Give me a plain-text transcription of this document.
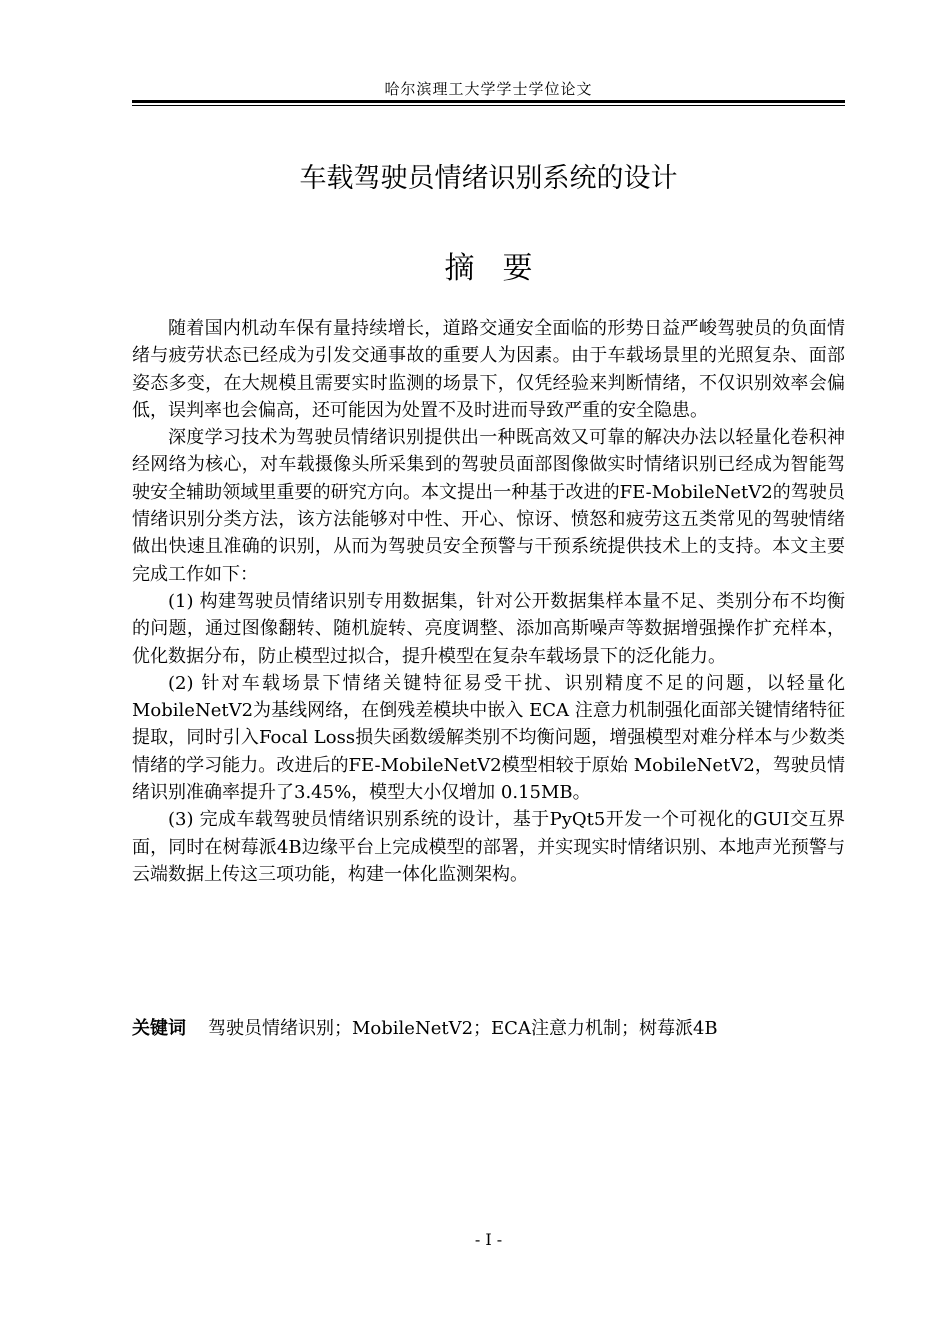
哈尔滨理工大学学士学位论文
车载驾驶员情绪识别系统的设计
摘要

随着国内机动车保有量持续增长，道路交通安全面临的形势日益严峻驾驶员的负面情绪与疲劳状态已经成为引发交通事故的重要人为因素。由于车载场景里的光照复杂、面部姿态多变，在大规模且需要实时监测的场景下，仅凭经验来判断情绪，不仅识别效率会偏低，误判率也会偏高，还可能因为处置不及时进而导致严重的安全隐患。

深度学习技术为驾驶员情绪识别提供出一种既高效又可靠的解决办法以轻量化卷积神经网络为核心，对车载摄像头所采集到的驾驶员面部图像做实时情绪识别已经成为智能驾驶安全辅助领域里重要的研究方向。本文提出一种基于改进的FE-MobileNetV2的驾驶员情绪识别分类方法，该方法能够对中性、开心、惊讶、愤怒和疲劳这五类常见的驾驶情绪做出快速且准确的识别，从而为驾驶员安全预警与干预系统提供技术上的支持。本文主要完成工作如下：

(1) 构建驾驶员情绪识别专用数据集，针对公开数据集样本量不足、类别分布不均衡的问题，通过图像翻转、随机旋转、亮度调整、添加高斯噪声等数据增强操作扩充样本，优化数据分布，防止模型过拟合，提升模型在复杂车载场景下的泛化能力。

(2) 针对车载场景下情绪关键特征易受干扰、识别精度不足的问题，以轻量化MobileNetV2为基线网络，在倒残差模块中嵌入 ECA 注意力机制强化面部关键情绪特征提取，同时引入Focal Loss损失函数缓解类别不均衡问题，增强模型对难分样本与少数类情绪的学习能力。改进后的FE-MobileNetV2模型相较于原始 MobileNetV2，驾驶员情绪识别准确率提升了3.45%，模型大小仅增加 0.15MB。

(3) 完成车载驾驶员情绪识别系统的设计，基于PyQt5开发一个可视化的GUI交互界面，同时在树莓派4B边缘平台上完成模型的部署，并实现实时情绪识别、本地声光预警与云端数据上传这三项功能，构建一体化监测架构。

关键词 驾驶员情绪识别；MobileNetV2；ECA注意力机制；树莓派4B
- I -
